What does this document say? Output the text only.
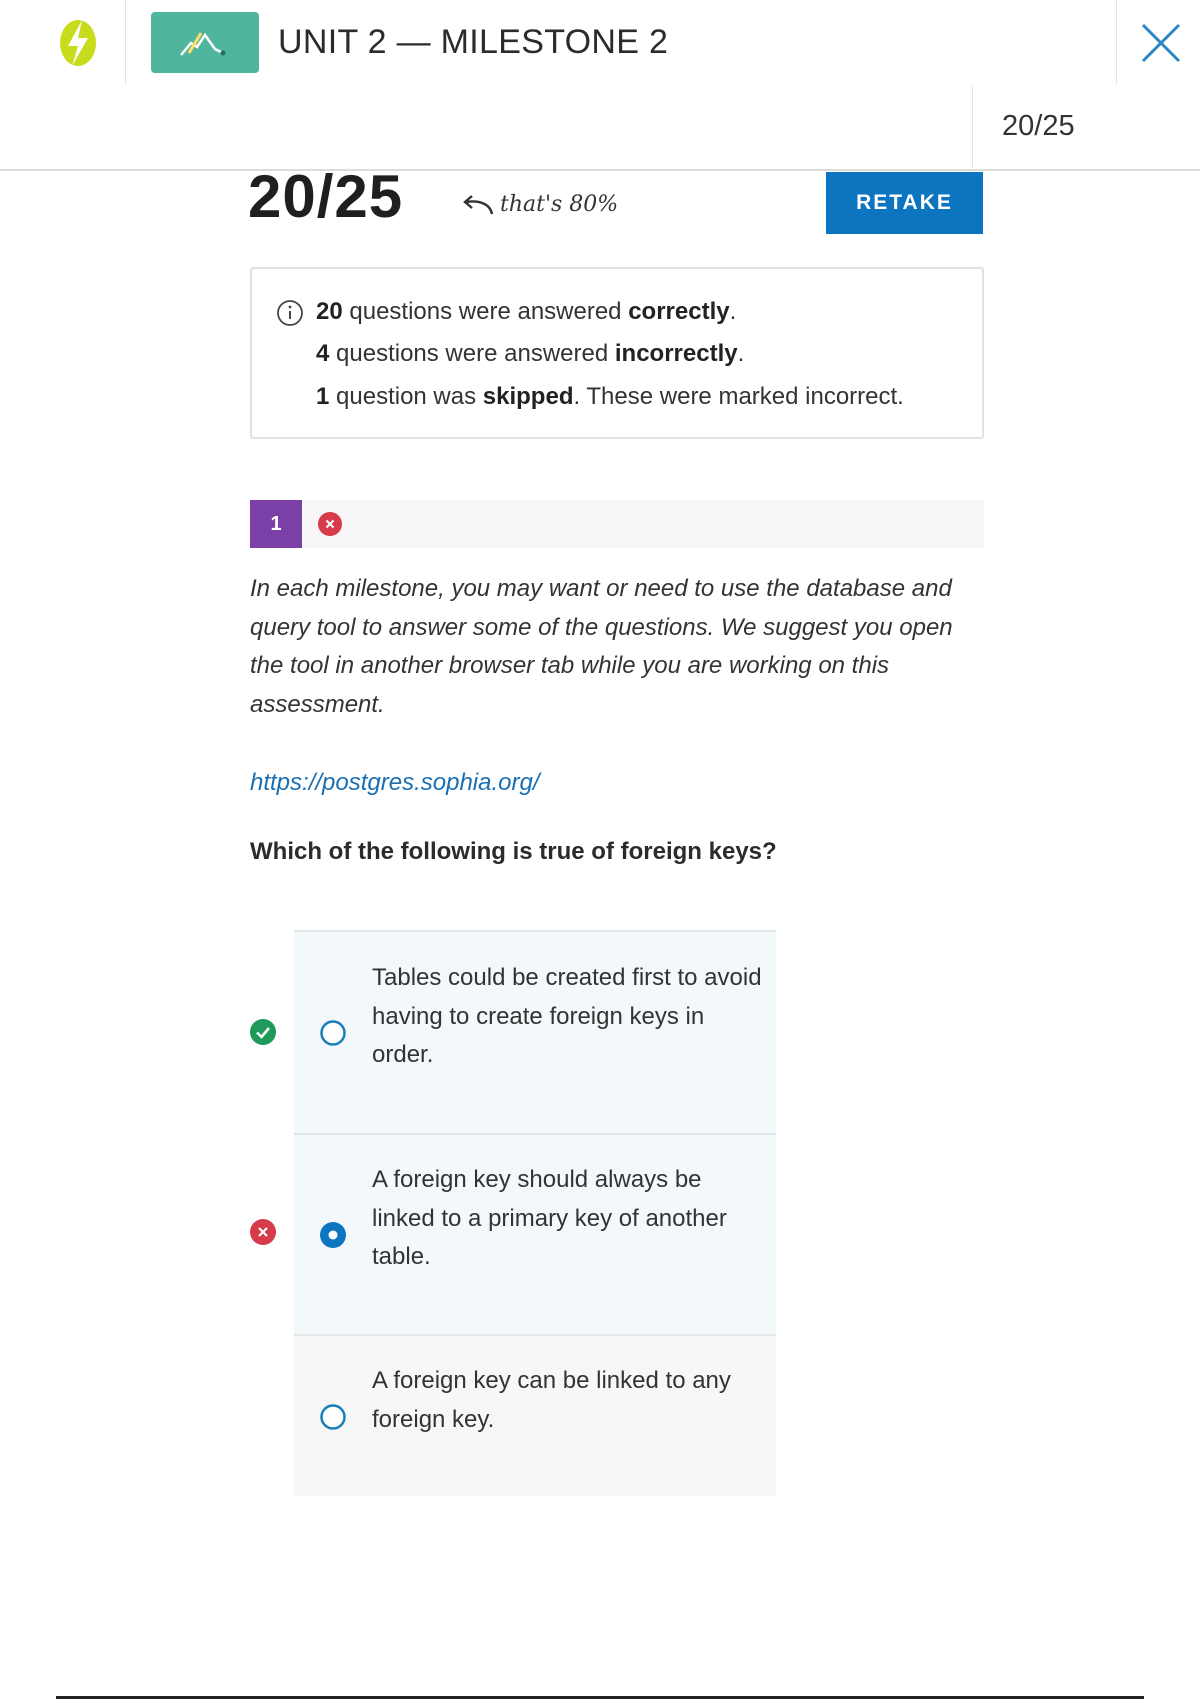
UNIT 2 — MILESTONE 2
20/25
20/25	that's 80%	RETAKE
20 questions were answered correctly.
4 questions were answered incorrectly.
1 question was skipped. These were marked incorrect.
1
In each milestone, you may want or need to use the database and query tool to answer some of the questions. We suggest you open the tool in another browser tab while you are working on this assessment.
https://postgres.sophia.org/
Which of the following is true of foreign keys?
Tables could be created first to avoid having to create foreign keys in order.
A foreign key should always be linked to a primary key of another table.
A foreign key can be linked to any foreign key.
